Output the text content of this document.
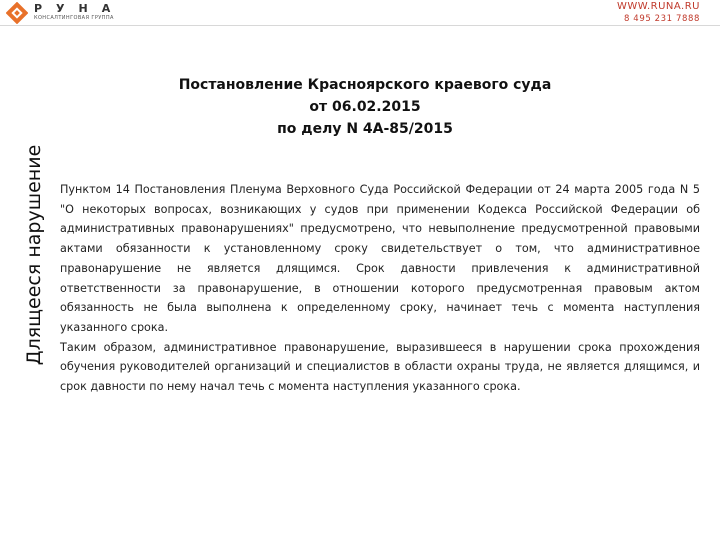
РУНА
КОНСАЛТИНГОВАЯ ГРУППА
WWW.RUNA.RU
8 495 231 7888
Длящееся нарушение
Постановление Красноярского краевого суда
от 06.02.2015
по делу N 4А-85/2015

Пунктом 14 Постановления Пленума Верховного Суда Российской Федерации от 24 марта 2005 года N 5 "О некоторых вопросах, возникающих у судов при применении Кодекса Российской Федерации об административных правонарушениях" предусмотрено, что невыполнение предусмотренной правовыми актами обязанности к установленному сроку свидетельствует о том, что административное правонарушение не является длящимся. Срок давности привлечения к административной ответственности за правонарушение, в отношении которого предусмотренная правовым актом обязанность не была выполнена к определенному сроку, начинает течь с момента наступления указанного срока.

Таким образом, административное правонарушение, выразившееся в нарушении срока прохождения обучения руководителей организаций и специалистов в области охраны труда, не является длящимся, и срок давности по нему начал течь с момента наступления указанного срока.
